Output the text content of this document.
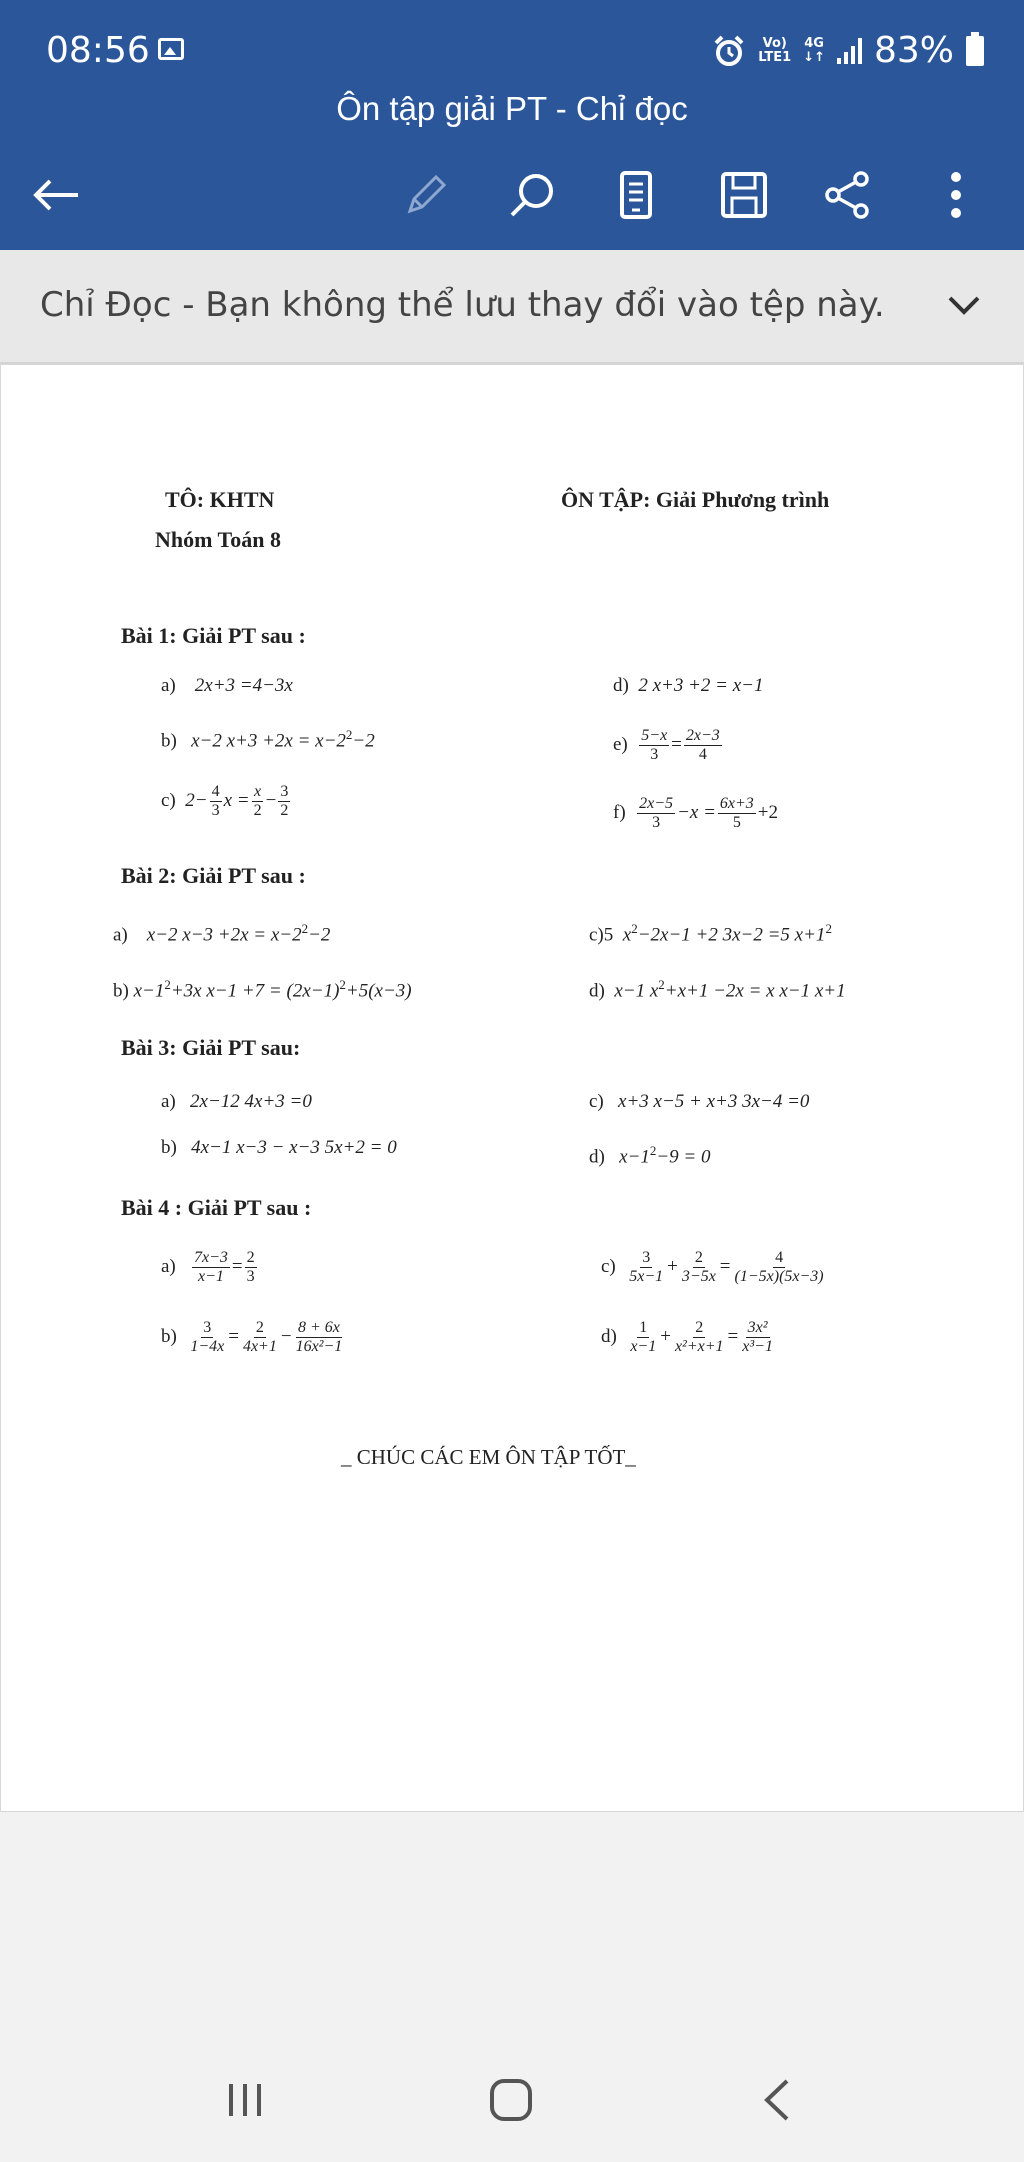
08:56	Vo)
LTE1
4G
↓↑ 83%
Ôn tập giải PT - Chỉ đọc
Chỉ Đọc - Bạn không thể lưu thay đổi vào tệp này.
TÔ: KHTN
Nhóm Toán 8
ÔN TẬP: Giải Phương trình
Bài 1: Giải PT sau :
a) 2x+3 =4−3x
b) x−2 $x+3 +2x = x-2^2-2$
c) $2- \frac{4}{3}$ $x = \frac{x}{2} - \frac{3}{2}$
d) 2 x+3 +2 = x−1
$e) \frac{5-x}{3} = \frac{2x-3}{4}$
$f) \frac{2x-5}{3} -x = \frac{6x+3}{5} +2$
Bài 2: Giải PT sau :
a) x−2 $x-3 +2x = x-2^2-2$
b) $x-1^2+3x$ $x-1 +7 = (2x-1)^2+5(x-3)$
c)5 $x^2-2x-1 +2$ 3x−2 =5 $x+1^2$
d) x−1 $x^2+x+1 -2x = x$ x−1 x+1
Bài 3: Giải PT sau:
a) 2x−12 4x+3 =0
b) 4x−1 x−3 − x−3 5x+2 = 0
c) x+3 x−5 + x+3 3x−4 =0
d) $x-1^2-9 = 0$
Bài 4 : Giải PT sau :
$a) \frac{7x-3}{x-1} = \frac{2}{3}$
$b) \frac{3}{1-4x} = \frac{2}{4x+1} - \frac{8 + 6x}{\text{16x²−1}}$
$c) \frac{3}{5x-1} + \frac{2}{3-5x} = \frac{4}{(1-5x)(5x-3)}$
$d) \frac{1}{x-1} + \frac{2}{\text{x²+x+1}} = \frac{\text{3x²}}{\text{x³−1}}$
_ CHÚC CÁC EM ÔN TẬP TỐT_
